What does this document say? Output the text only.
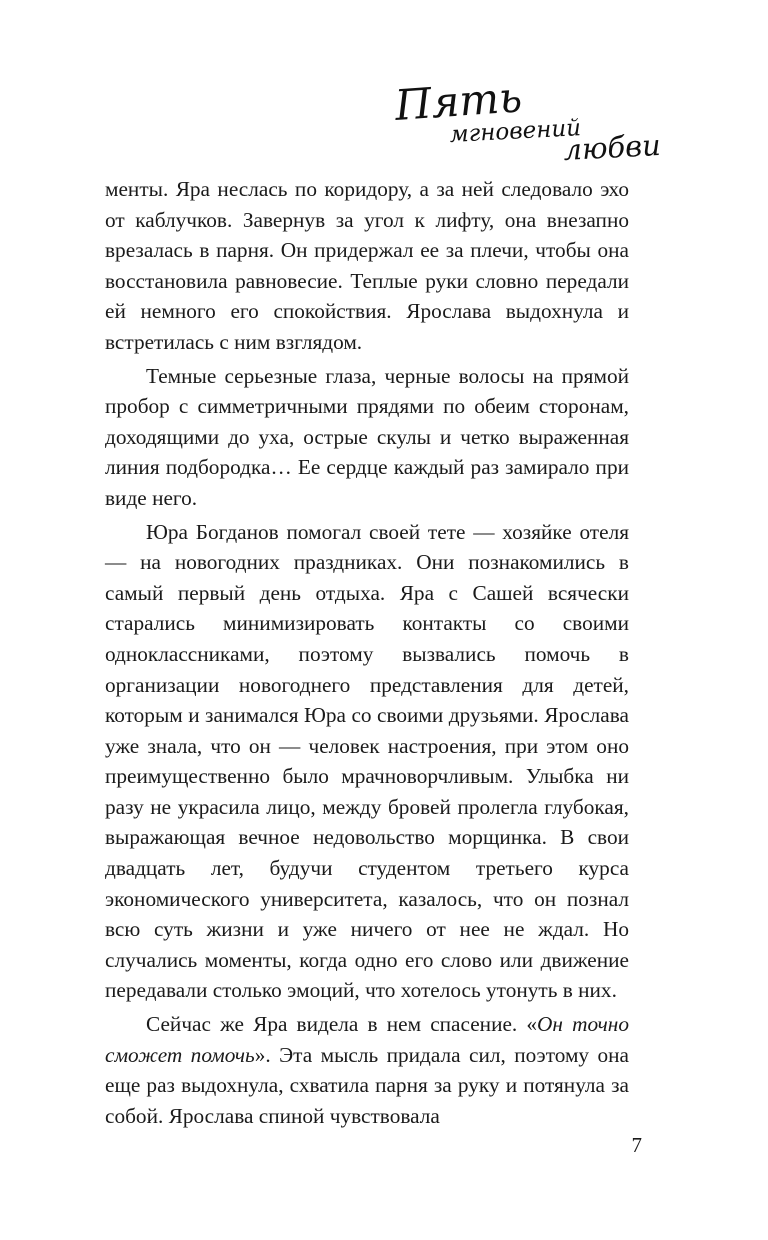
Пять
мгновений
любви

менты. Яра неслась по коридору, а за ней следовало эхо от каблучков. Завернув за угол к лифту, она внезапно врезалась в парня. Он придержал ее за плечи, чтобы она восстановила равновесие. Теплые руки словно передали ей немного его спокойствия. Ярослава выдохнула и встретилась с ним взглядом.

Темные серьезные глаза, черные волосы на прямой пробор с симметричными прядями по обеим сторонам, доходящими до уха, острые скулы и четко выраженная линия подбородка… Ее сердце каждый раз замирало при виде него.

Юра Богданов помогал своей тете — хозяйке отеля — на новогодних праздниках. Они познакомились в самый первый день отдыха. Яра с Сашей всячески старались минимизировать контакты со своими одноклассниками, поэтому вызвались помочь в организации новогоднего представления для детей, которым и занимался Юра со своими друзьями. Ярослава уже знала, что он — человек настроения, при этом оно преимущественно было мрачноворчливым. Улыбка ни разу не украсила лицо, между бровей пролегла глубокая, выражающая вечное недовольство морщинка. В свои двадцать лет, будучи студентом третьего курса экономического университета, казалось, что он познал всю суть жизни и уже ничего от нее не ждал. Но случались моменты, когда одно его слово или движение передавали столько эмоций, что хотелось утонуть в них.

Сейчас же Яра видела в нем спасение. «Он точно сможет помочь». Эта мысль придала сил, поэтому она еще раз выдохнула, схватила парня за руку и потянула за собой. Ярослава спиной чувствовала

7
